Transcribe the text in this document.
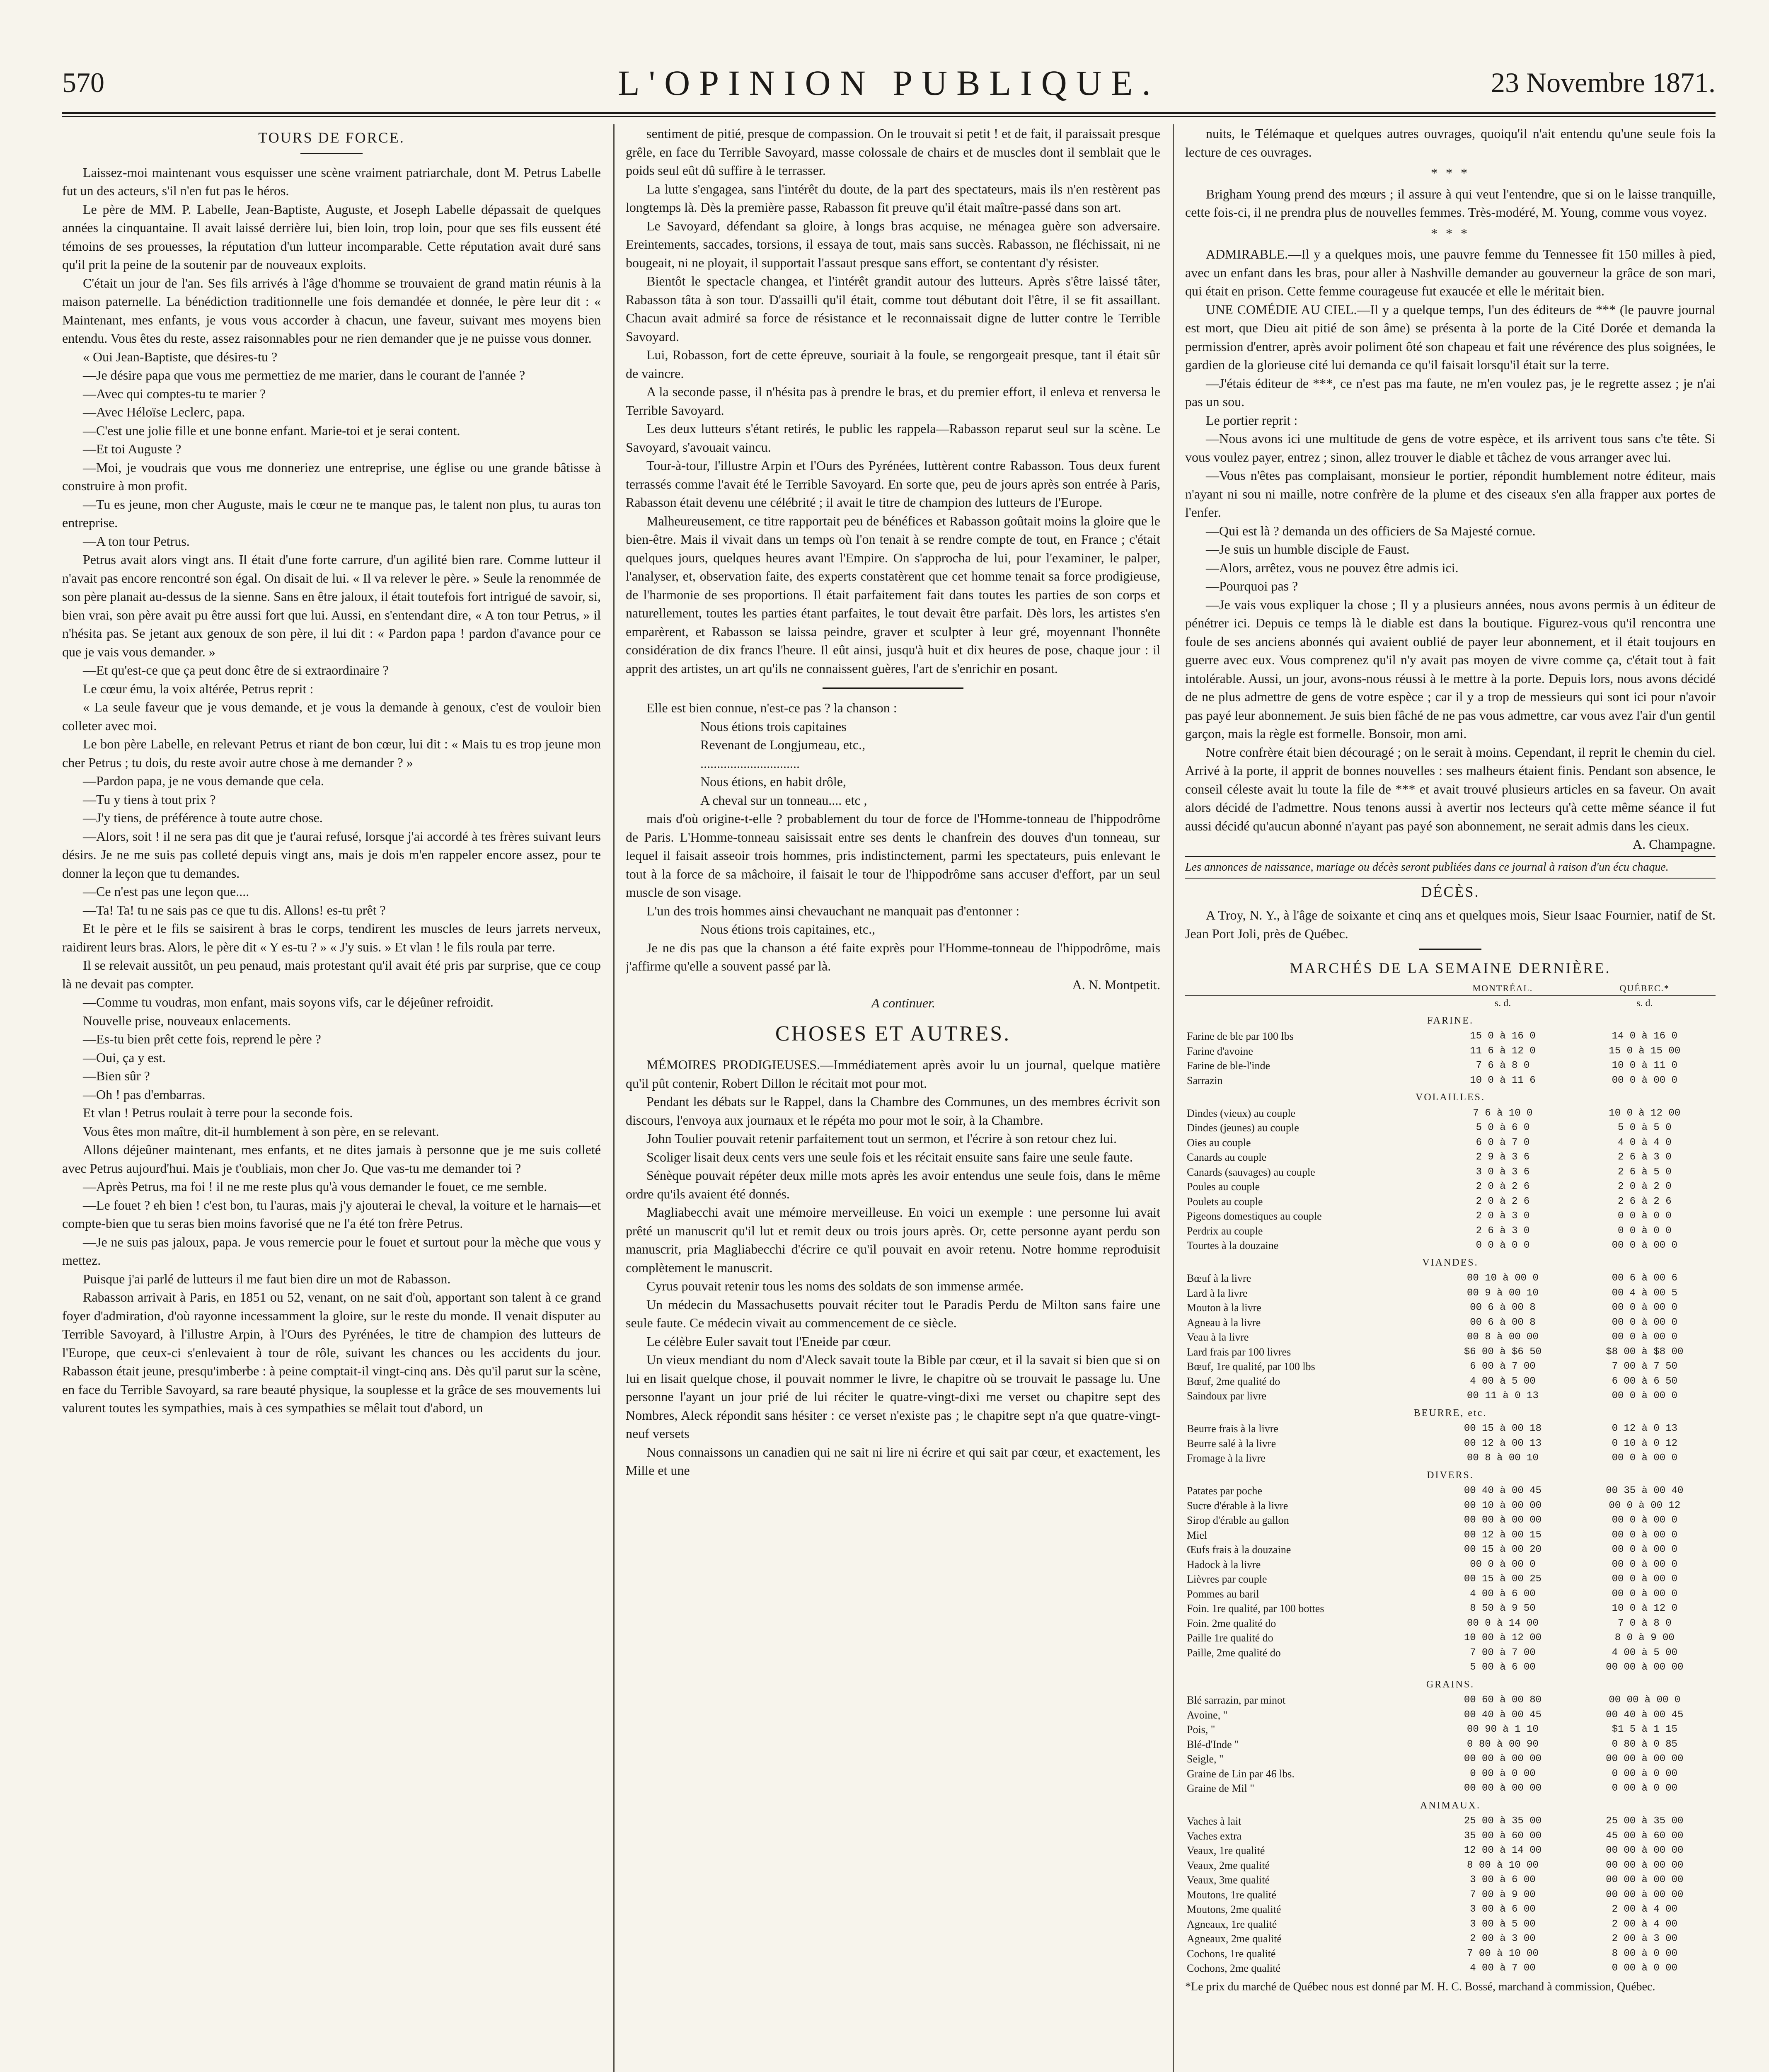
570	L'OPINION PUBLIQUE.	23 Novembre 1871.
TOURS DE FORCE.

Laissez-moi maintenant vous esquisser une scène vraiment patriarchale, dont M. Petrus Labelle fut un des acteurs, s'il n'en fut pas le héros.

Le père de MM. P. Labelle, Jean-Baptiste, Auguste, et Joseph Labelle dépassait de quelques années la cinquantaine. Il avait laissé derrière lui, bien loin, trop loin, pour que ses fils eussent été témoins de ses prouesses, la réputation d'un lutteur incomparable. Cette réputation avait duré sans qu'il prit la peine de la soutenir par de nouveaux exploits.

C'était un jour de l'an. Ses fils arrivés à l'âge d'homme se trouvaient de grand matin réunis à la maison paternelle. La bénédiction traditionnelle une fois demandée et donnée, le père leur dit : « Maintenant, mes enfants, je vous vous accorder à chacun, une faveur, suivant mes moyens bien entendu. Vous êtes du reste, assez raisonnables pour ne rien demander que je ne puisse vous donner.

« Oui Jean-Baptiste, que désires-tu ?

—Je désire papa que vous me permettiez de me marier, dans le courant de l'année ?

—Avec qui comptes-tu te marier ?

—Avec Héloïse Leclerc, papa.

—C'est une jolie fille et une bonne enfant. Marie-toi et je serai content.

—Et toi Auguste ?

—Moi, je voudrais que vous me donneriez une entreprise, une église ou une grande bâtisse à construire à mon profit.

—Tu es jeune, mon cher Auguste, mais le cœur ne te manque pas, le talent non plus, tu auras ton entreprise.

—A ton tour Petrus.

Petrus avait alors vingt ans. Il était d'une forte carrure, d'un agilité bien rare. Comme lutteur il n'avait pas encore rencontré son égal. On disait de lui. « Il va relever le père. » Seule la renommée de son père planait au-dessus de la sienne. Sans en être jaloux, il était toutefois fort intrigué de savoir, si, bien vrai, son père avait pu être aussi fort que lui. Aussi, en s'entendant dire, « A ton tour Petrus, » il n'hésita pas. Se jetant aux genoux de son père, il lui dit : « Pardon papa ! pardon d'avance pour ce que je vais vous demander. »

—Et qu'est-ce que ça peut donc être de si extraordinaire ?

Le cœur ému, la voix altérée, Petrus reprit :

« La seule faveur que je vous demande, et je vous la demande à genoux, c'est de vouloir bien colleter avec moi.

Le bon père Labelle, en relevant Petrus et riant de bon cœur, lui dit : « Mais tu es trop jeune mon cher Petrus ; tu dois, du reste avoir autre chose à me demander ? »

—Pardon papa, je ne vous demande que cela.

—Tu y tiens à tout prix ?

—J'y tiens, de préférence à toute autre chose.

—Alors, soit ! il ne sera pas dit que je t'aurai refusé, lorsque j'ai accordé à tes frères suivant leurs désirs. Je ne me suis pas colleté depuis vingt ans, mais je dois m'en rappeler encore assez, pour te donner la leçon que tu demandes.

—Ce n'est pas une leçon que....

—Ta! Ta! tu ne sais pas ce que tu dis. Allons! es-tu prêt ?

Et le père et le fils se saisirent à bras le corps, tendirent les muscles de leurs jarrets nerveux, raidirent leurs bras. Alors, le père dit « Y es-tu ? » « J'y suis. » Et vlan ! le fils roula par terre.

Il se relevait aussitôt, un peu penaud, mais protestant qu'il avait été pris par surprise, que ce coup là ne devait pas compter.

—Comme tu voudras, mon enfant, mais soyons vifs, car le déjeûner refroidit.

Nouvelle prise, nouveaux enlacements.

—Es-tu bien prêt cette fois, reprend le père ?

—Oui, ça y est.

—Bien sûr ?

—Oh ! pas d'embarras.

Et vlan ! Petrus roulait à terre pour la seconde fois.

Vous êtes mon maître, dit-il humblement à son père, en se relevant.

Allons déjeûner maintenant, mes enfants, et ne dites jamais à personne que je me suis colleté avec Petrus aujourd'hui. Mais je t'oubliais, mon cher Jo. Que vas-tu me demander toi ?

—Après Petrus, ma foi ! il ne me reste plus qu'à vous demander le fouet, ce me semble.

—Le fouet ? eh bien ! c'est bon, tu l'auras, mais j'y ajouterai le cheval, la voiture et le harnais—et compte-bien que tu seras bien moins favorisé que ne l'a été ton frère Petrus.

—Je ne suis pas jaloux, papa. Je vous remercie pour le fouet et surtout pour la mèche que vous y mettez.

Puisque j'ai parlé de lutteurs il me faut bien dire un mot de Rabasson.

Rabasson arrivait à Paris, en 1851 ou 52, venant, on ne sait d'où, apportant son talent à ce grand foyer d'admiration, d'où rayonne incessamment la gloire, sur le reste du monde. Il venait disputer au Terrible Savoyard, à l'illustre Arpin, à l'Ours des Pyrénées, le titre de champion des lutteurs de l'Europe, que ceux-ci s'enlevaient à tour de rôle, suivant les chances ou les accidents du jour. Rabasson était jeune, presqu'imberbe : à peine comptait-il vingt-cinq ans. Dès qu'il parut sur la scène, en face du Terrible Savoyard, sa rare beauté physique, la souplesse et la grâce de ses mouvements lui valurent toutes les sympathies, mais à ces sympathies se mêlait tout d'abord, un

sentiment de pitié, presque de compassion. On le trouvait si petit ! et de fait, il paraissait presque grêle, en face du Terrible Savoyard, masse colossale de chairs et de muscles dont il semblait que le poids seul eût dû suffire à le terrasser.

La lutte s'engagea, sans l'intérêt du doute, de la part des spectateurs, mais ils n'en restèrent pas longtemps là. Dès la première passe, Rabasson fit preuve qu'il était maître-passé dans son art.

Le Savoyard, défendant sa gloire, à longs bras acquise, ne ménagea guère son adversaire. Ereintements, saccades, torsions, il essaya de tout, mais sans succès. Rabasson, ne fléchissait, ni ne bougeait, ni ne ployait, il supportait l'assaut presque sans effort, se contentant d'y résister.

Bientôt le spectacle changea, et l'intérêt grandit autour des lutteurs. Après s'être laissé tâter, Rabasson tâta à son tour. D'assailli qu'il était, comme tout débutant doit l'être, il se fit assaillant. Chacun avait admiré sa force de résistance et le reconnaissait digne de lutter contre le Terrible Savoyard.

Lui, Robasson, fort de cette épreuve, souriait à la foule, se rengorgeait presque, tant il était sûr de vaincre.

A la seconde passe, il n'hésita pas à prendre le bras, et du premier effort, il enleva et renversa le Terrible Savoyard.

Les deux lutteurs s'étant retirés, le public les rappela—Rabasson reparut seul sur la scène. Le Savoyard, s'avouait vaincu.

Tour-à-tour, l'illustre Arpin et l'Ours des Pyrénées, luttèrent contre Rabasson. Tous deux furent terrassés comme l'avait été le Terrible Savoyard. En sorte que, peu de jours après son entrée à Paris, Rabasson était devenu une célébrité ; il avait le titre de champion des lutteurs de l'Europe.

Malheureusement, ce titre rapportait peu de bénéfices et Rabasson goûtait moins la gloire que le bien-être. Mais il vivait dans un temps où l'on tenait à se rendre compte de tout, en France ; c'était quelques jours, quelques heures avant l'Empire. On s'approcha de lui, pour l'examiner, le palper, l'analyser, et, observation faite, des experts constatèrent que cet homme tenait sa force prodigieuse, de l'harmonie de ses proportions. Il était parfaitement fait dans toutes les parties de son corps et naturellement, toutes les parties étant parfaites, le tout devait être parfait. Dès lors, les artistes s'en emparèrent, et Rabasson se laissa peindre, graver et sculpter à leur gré, moyennant l'honnête considération de dix francs l'heure. Il eût ainsi, jusqu'à huit et dix heures de pose, chaque jour : il apprit des artistes, un art qu'ils ne connaissent guères, l'art de s'enrichir en posant.

Elle est bien connue, n'est-ce pas ? la chanson :

Nous étions trois capitaines

Revenant de Longjumeau, etc.,

..............................

Nous étions, en habit drôle,

A cheval sur un tonneau.... etc ,

mais d'où origine-t-elle ? probablement du tour de force de l'Homme-tonneau de l'hippodrôme de Paris. L'Homme-tonneau saisissait entre ses dents le chanfrein des douves d'un tonneau, sur lequel il faisait asseoir trois hommes, pris indistinctement, parmi les spectateurs, puis enlevant le tout à la force de sa mâchoire, il faisait le tour de l'hippodrôme sans accuser d'effort, par un seul muscle de son visage.

L'un des trois hommes ainsi chevauchant ne manquait pas d'entonner :

Nous étions trois capitaines, etc.,

Je ne dis pas que la chanson a été faite exprès pour l'Homme-tonneau de l'hippodrôme, mais j'affirme qu'elle a souvent passé par là.

A. N. Montpetit.

A continuer.

CHOSES ET AUTRES.

MÉMOIRES PRODIGIEUSES.—Immédiatement après avoir lu un journal, quelque matière qu'il pût contenir, Robert Dillon le récitait mot pour mot.

Pendant les débats sur le Rappel, dans la Chambre des Communes, un des membres écrivit son discours, l'envoya aux journaux et le répéta mo pour mot le soir, à la Chambre.

John Toulier pouvait retenir parfaitement tout un sermon, et l'écrire à son retour chez lui.

Scoliger lisait deux cents vers une seule fois et les récitait ensuite sans faire une seule faute.

Sénèque pouvait répéter deux mille mots après les avoir entendus une seule fois, dans le même ordre qu'ils avaient été donnés.

Magliabecchi avait une mémoire merveilleuse. En voici un exemple : une personne lui avait prêté un manuscrit qu'il lut et remit deux ou trois jours après. Or, cette personne ayant perdu son manuscrit, pria Magliabecchi d'écrire ce qu'il pouvait en avoir retenu. Notre homme reproduisit complètement le manuscrit.

Cyrus pouvait retenir tous les noms des soldats de son immense armée.

Un médecin du Massachusetts pouvait réciter tout le Paradis Perdu de Milton sans faire une seule faute. Ce médecin vivait au commencement de ce siècle.

Le célèbre Euler savait tout l'Eneide par cœur.

Un vieux mendiant du nom d'Aleck savait toute la Bible par cœur, et il la savait si bien que si on lui en lisait quelque chose, il pouvait nommer le livre, le chapitre où se trouvait le passage lu. Une personne l'ayant un jour prié de lui réciter le quatre-vingt-dixi me verset ou chapitre sept des Nombres, Aleck répondit sans hésiter : ce verset n'existe pas ; le chapitre sept n'a que quatre-vingt-neuf versets

Nous connaissons un canadien qui ne sait ni lire ni écrire et qui sait par cœur, et exactement, les Mille et une

nuits, le Télémaque et quelques autres ouvrages, quoiqu'il n'ait entendu qu'une seule fois la lecture de ces ouvrages.

* * *

Brigham Young prend des mœurs ; il assure à qui veut l'entendre, que si on le laisse tranquille, cette fois-ci, il ne prendra plus de nouvelles femmes. Très-modéré, M. Young, comme vous voyez.

* * *

ADMIRABLE.—Il y a quelques mois, une pauvre femme du Tennessee fit 150 milles à pied, avec un enfant dans les bras, pour aller à Nashville demander au gouverneur la grâce de son mari, qui était en prison. Cette femme courageuse fut exaucée et elle le méritait bien.

UNE COMÉDIE AU CIEL.—Il y a quelque temps, l'un des éditeurs de *** (le pauvre journal est mort, que Dieu ait pitié de son âme) se présenta à la porte de la Cité Dorée et demanda la permission d'entrer, après avoir poliment ôté son chapeau et fait une révérence des plus soignées, le gardien de la glorieuse cité lui demanda ce qu'il faisait lorsqu'il était sur la terre.

—J'étais éditeur de ***, ce n'est pas ma faute, ne m'en voulez pas, je le regrette assez ; je n'ai pas un sou.

Le portier reprit :

—Nous avons ici une multitude de gens de votre espèce, et ils arrivent tous sans c'te tête. Si vous voulez payer, entrez ; sinon, allez trouver le diable et tâchez de vous arranger avec lui.

—Vous n'êtes pas complaisant, monsieur le portier, répondit humblement notre éditeur, mais n'ayant ni sou ni maille, notre confrère de la plume et des ciseaux s'en alla frapper aux portes de l'enfer.

—Qui est là ? demanda un des officiers de Sa Majesté cornue.

—Je suis un humble disciple de Faust.

—Alors, arrêtez, vous ne pouvez être admis ici.

—Pourquoi pas ?

—Je vais vous expliquer la chose ; Il y a plusieurs années, nous avons permis à un éditeur de pénétrer ici. Depuis ce temps là le diable est dans la boutique. Figurez-vous qu'il rencontra une foule de ses anciens abonnés qui avaient oublié de payer leur abonnement, et il était toujours en guerre avec eux. Vous comprenez qu'il n'y avait pas moyen de vivre comme ça, c'était tout à fait intolérable. Aussi, un jour, avons-nous réussi à le mettre à la porte. Depuis lors, nous avons décidé de ne plus admettre de gens de votre espèce ; car il y a trop de messieurs qui sont ici pour n'avoir pas payé leur abonnement. Je suis bien fâché de ne pas vous admettre, car vous avez l'air d'un gentil garçon, mais la règle est formelle. Bonsoir, mon ami.

Notre confrère était bien découragé ; on le serait à moins. Cependant, il reprit le chemin du ciel. Arrivé à la porte, il apprit de bonnes nouvelles : ses malheurs étaient finis. Pendant son absence, le conseil céleste avait lu toute la file de *** et avait trouvé plusieurs articles en sa faveur. On avait alors décidé de l'admettre. Nous tenons aussi à avertir nos lecteurs qu'à cette même séance il fut aussi décidé qu'aucun abonné n'ayant pas payé son abonnement, ne serait admis dans les cieux.

A. Champagne.

Les annonces de naissance, mariage ou décès seront publiées dans ce journal à raison d'un écu chaque.

DÉCÈS.

A Troy, N. Y., à l'âge de soixante et cinq ans et quelques mois, Sieur Isaac Fournier, natif de St. Jean Port Joli, près de Québec.

MARCHÉS DE LA SEMAINE DERNIÈRE.
	MONTRÉAL.	QUÉBEC.*
	s. d.	s. d.
FARINE.		
Farine de ble par 100 lbs	15 0 à 16 0	14 0 à 16 0
Farine d'avoine	11 6 à 12 0	15 0 à 15 00
Farine de ble-l'inde	7 6 à 8 0	10 0 à 11 0
Sarrazin	10 0 à 11 6	00 0 à 00 0
VOLAILLES.		
Dindes (vieux) au couple	7 6 à 10 0	10 0 à 12 00
Dindes (jeunes) au couple	5 0 à 6 0	5 0 à 5 0
Oies au couple	6 0 à 7 0	4 0 à 4 0
Canards au couple	2 9 à 3 6	2 6 à 3 0
Canards (sauvages) au couple	3 0 à 3 6	2 6 à 5 0
Poules au couple	2 0 à 2 6	2 0 à 2 0
Poulets au couple	2 0 à 2 6	2 6 à 2 6
Pigeons domestiques au couple	2 0 à 3 0	0 0 à 0 0
Perdrix au couple	2 6 à 3 0	0 0 à 0 0
Tourtes à la douzaine	0 0 à 0 0	00 0 à 00 0
VIANDES.		
Bœuf à la livre	00 10 à 00 0	00 6 à 00 6
Lard à la livre	00 9 à 00 10	00 4 à 00 5
Mouton à la livre	00 6 à 00 8	00 0 à 00 0
Agneau à la livre	00 6 à 00 8	00 0 à 00 0
Veau à la livre	00 8 à 00 00	00 0 à 00 0
Lard frais par 100 livres	$6 00 à $6 50	$8 00 à $8 00
Bœuf, 1re qualité, par 100 lbs	6 00 à 7 00	7 00 à 7 50
Bœuf, 2me qualité do	4 00 à 5 00	6 00 à 6 50
Saindoux par livre	00 11 à 0 13	00 0 à 00 0
BEURRE, etc.		
Beurre frais à la livre	00 15 à 00 18	0 12 à 0 13
Beurre salé à la livre	00 12 à 00 13	0 10 à 0 12
Fromage à la livre	00 8 à 00 10	00 0 à 00 0
DIVERS.		
Patates par poche	00 40 à 00 45	00 35 à 00 40
Sucre d'érable à la livre	00 10 à 00 00	00 0 à 00 12
Sirop d'érable au gallon	00 00 à 00 00	00 0 à 00 0
Miel	00 12 à 00 15	00 0 à 00 0
Œufs frais à la douzaine	00 15 à 00 20	00 0 à 00 0
Hadock à la livre	00 0 à 00 0	00 0 à 00 0
Lièvres par couple	00 15 à 00 25	00 0 à 00 0
Pommes au baril	4 00 à 6 00	00 0 à 00 0
Foin. 1re qualité, par 100 bottes	8 50 à 9 50	10 0 à 12 0
Foin. 2me qualité do	00 0 à 14 00	7 0 à 8 0
Paille 1re qualité do	10 00 à 12 00	8 0 à 9 00
Paille, 2me qualité do	7 00 à 7 00	4 00 à 5 00
	5 00 à 6 00	00 00 à 00 00
GRAINS.		
Blé sarrazin, par minot	00 60 à 00 80	00 00 à 00 0
Avoine, "	00 40 à 00 45	00 40 à 00 45
Pois, "	00 90 à 1 10	$1 5 à 1 15
Blé-d'Inde "	0 80 à 00 90	0 80 à 0 85
Seigle, "	00 00 à 00 00	00 00 à 00 00
Graine de Lin par 46 lbs.	0 00 à 0 00	0 00 à 0 00
Graine de Mil "	00 00 à 00 00	0 00 à 0 00
ANIMAUX.		
Vaches à lait	25 00 à 35 00	25 00 à 35 00
Vaches extra	35 00 à 60 00	45 00 à 60 00
Veaux, 1re qualité	12 00 à 14 00	00 00 à 00 00
Veaux, 2me qualité	8 00 à 10 00	00 00 à 00 00
Veaux, 3me qualité	3 00 à 6 00	00 00 à 00 00
Moutons, 1re qualité	7 00 à 9 00	00 00 à 00 00
Moutons, 2me qualité	3 00 à 6 00	2 00 à 4 00
Agneaux, 1re qualité	3 00 à 5 00	2 00 à 4 00
Agneaux, 2me qualité	2 00 à 3 00	2 00 à 3 00
Cochons, 1re qualité	7 00 à 10 00	8 00 à 0 00
Cochons, 2me qualité	4 00 à 7 00	0 00 à 0 00

*Le prix du marché de Québec nous est donné par M. H. C. Bossé, marchand à commission, Québec.
